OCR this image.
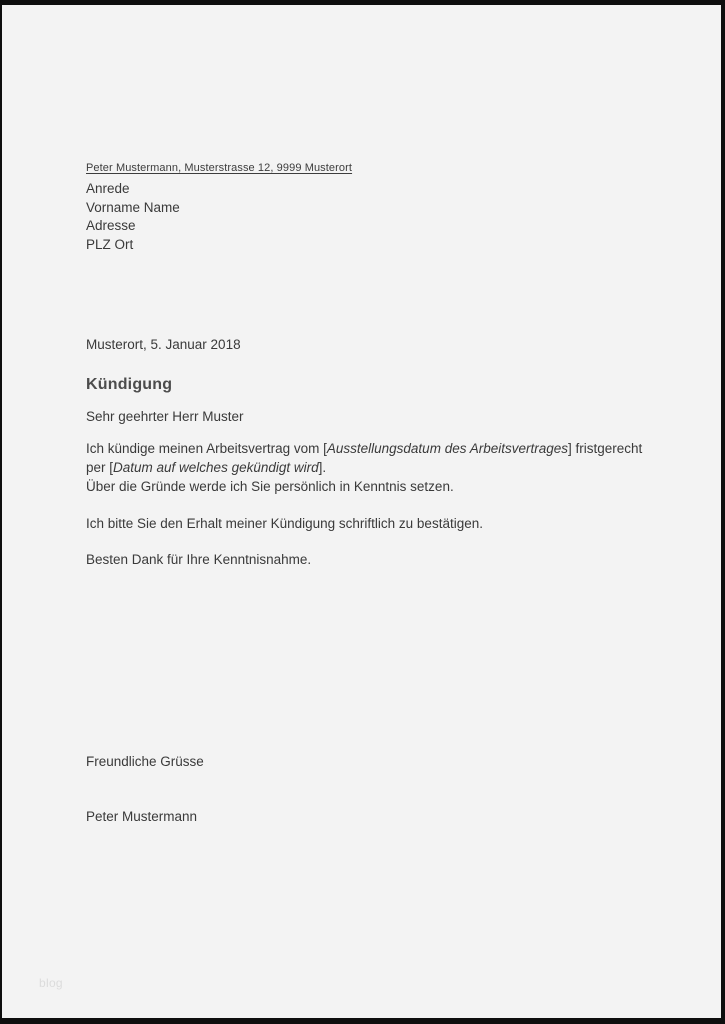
Peter Mustermann, Musterstrasse 12, 9999 Musterort
Anrede
Vorname Name
Adresse
PLZ Ort
Musterort, 5. Januar 2018
Kündigung
Sehr geehrter Herr Muster
Ich kündige meinen Arbeitsvertrag vom [Ausstellungsdatum des Arbeitsvertrages] fristgerecht
per [Datum auf welches gekündigt wird].
Über die Gründe werde ich Sie persönlich in Kenntnis setzen.
Ich bitte Sie den Erhalt meiner Kündigung schriftlich zu bestätigen.
Besten Dank für Ihre Kenntnisnahme.
Freundliche Grüsse
Peter Mustermann
blog
